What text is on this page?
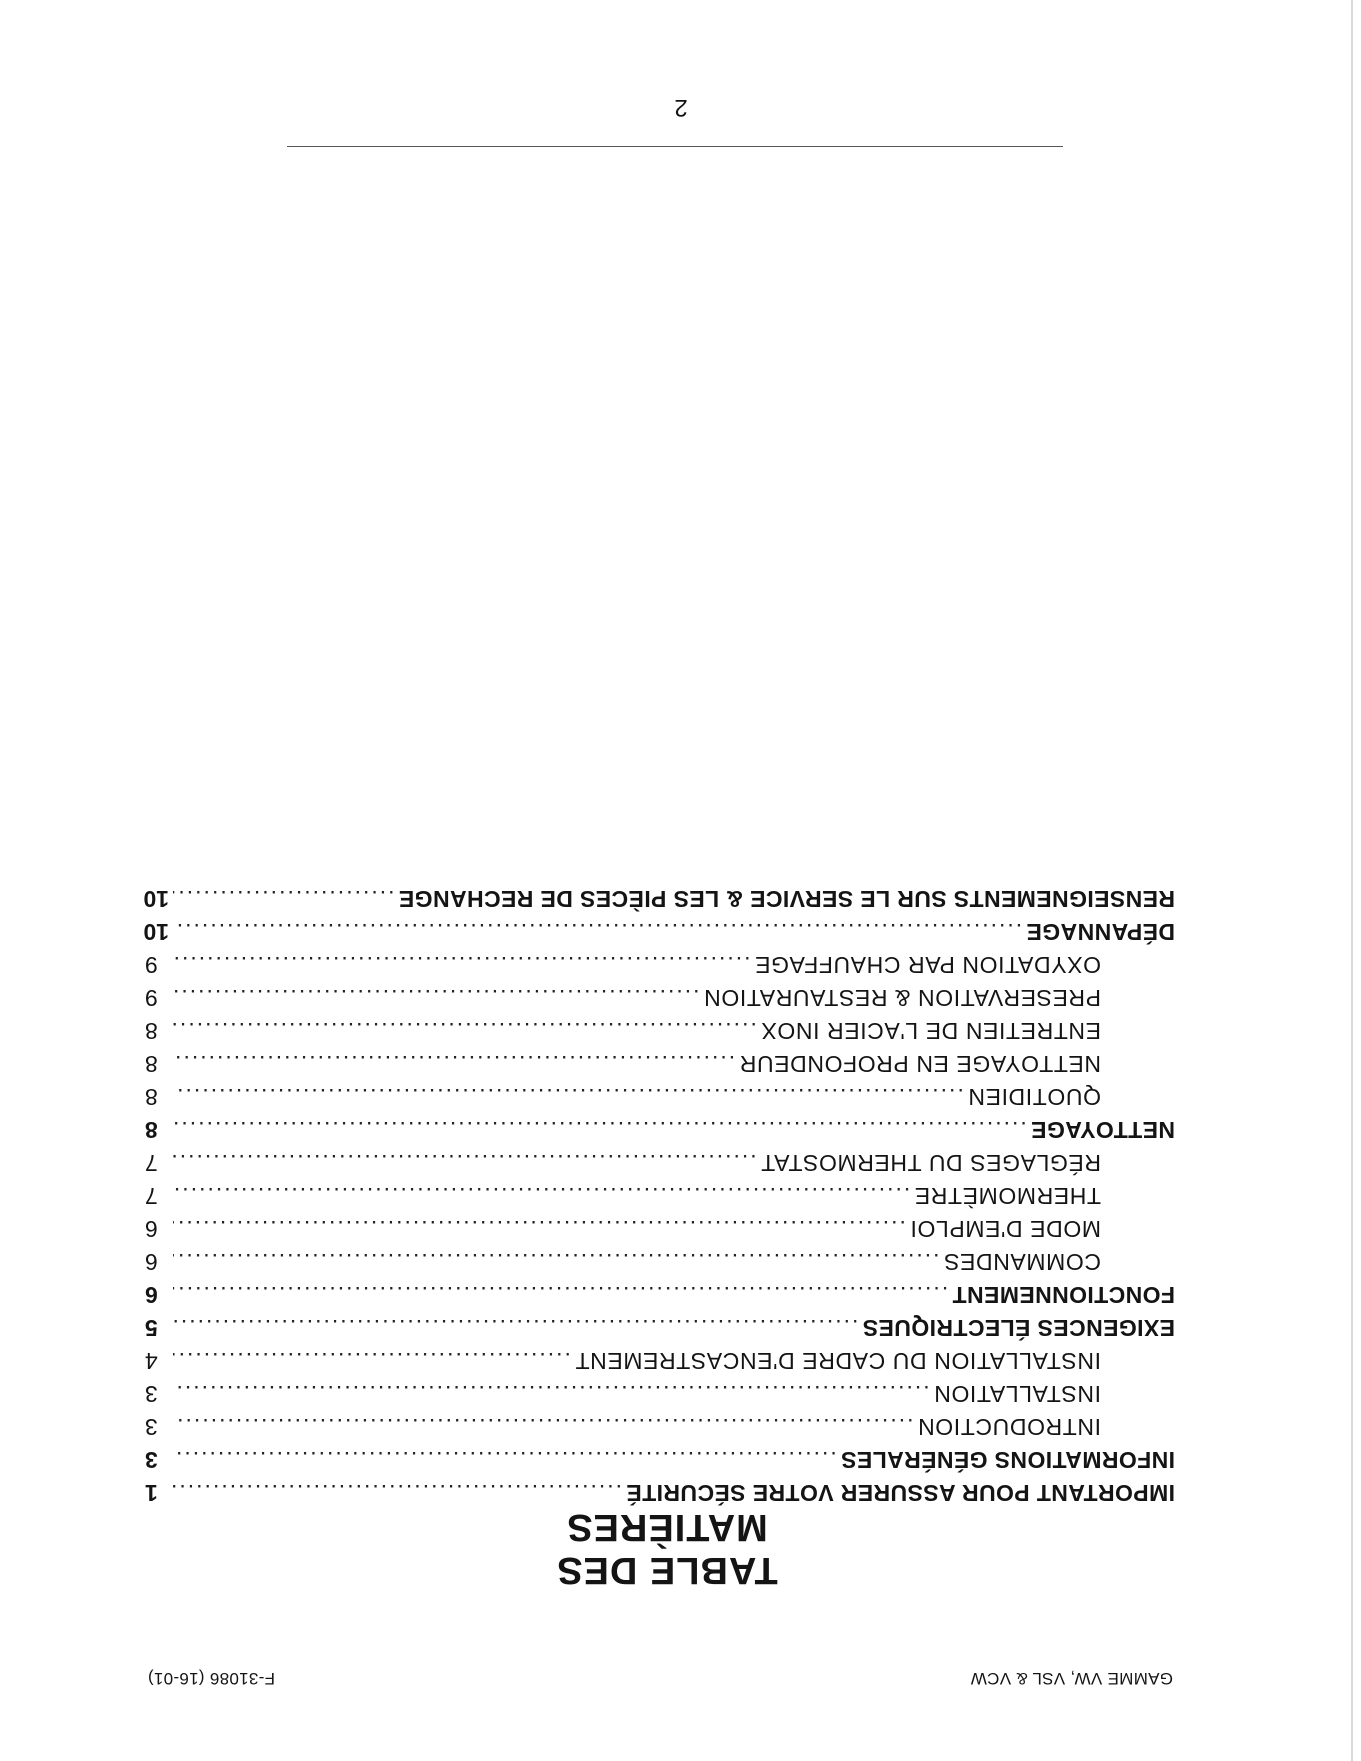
GAMME VW, VSL & VCW
F-31086 (16-01)
TABLE DES MATIÈRES
IMPORTANT POUR ASSURER VOTRE SÉCURITÉ
.....
1
INFORMATIONS GÉNÉRALES
.....
3
INTRODUCTION
.....
3
INSTALLATION
.....
3
INSTALLATION DU CADRE D'ENCASTREMENT
.....
4
EXIGENCES ÉLECTRIQUES
.....
5
FONCTIONNEMENT
.....
6
COMMANDES
.....
6
MODE D'EMPLOI
.....
6
THERMOMÈTRE
.....
7
RÉGLAGES DU THERMOSTAT
.....
7
NETTOYAGE
.....
8
QUOTIDIEN
.....
8
NETTOYAGE EN PROFONDEUR
.....
8
ENTRETIEN DE L'ACIER INOX
.....
8
PRESERVATION & RESTAURATION
.....
9
OXYDATION PAR CHAUFFAGE
.....
9
DÉPANNAGE
.....
10
RENSEIGNEMENTS SUR LE SERVICE & LES PIÈCES DE RECHANGE
.....
10
2
